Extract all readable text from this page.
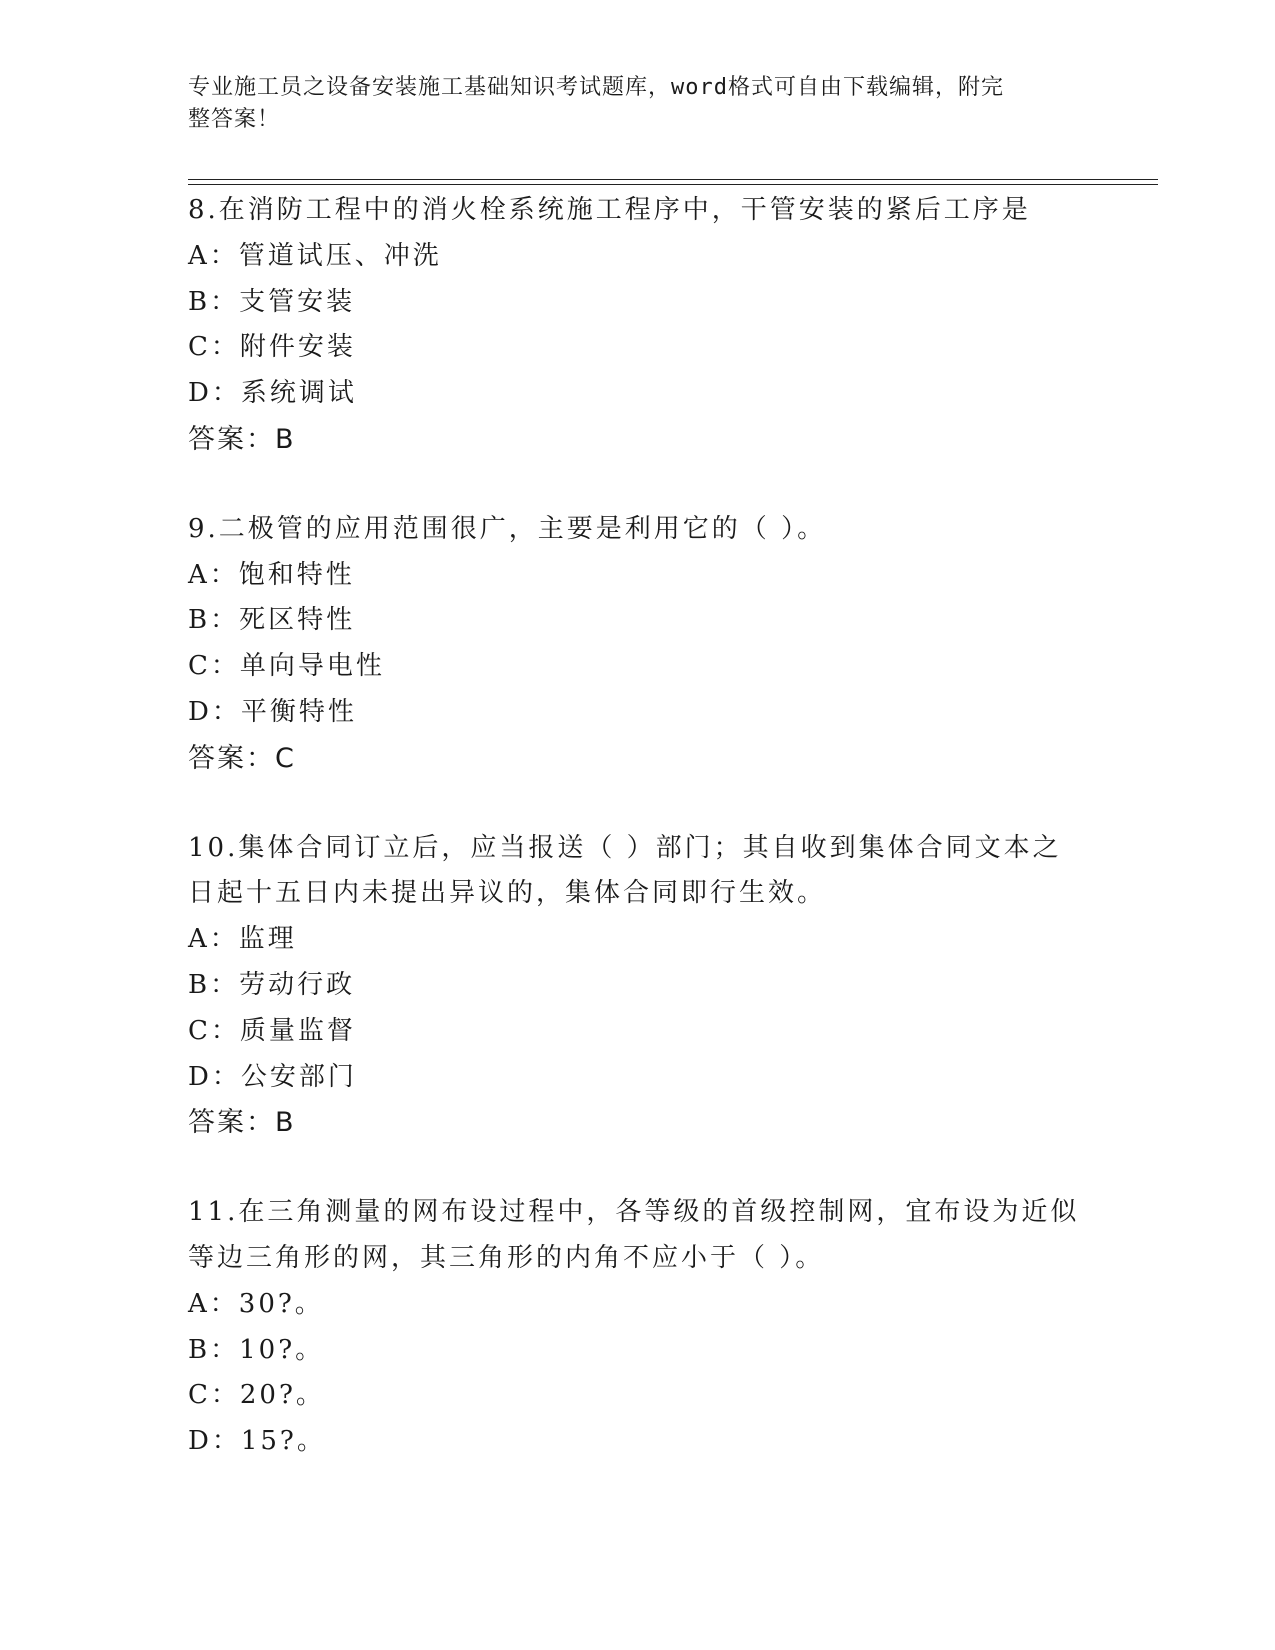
专业施工员之设备安装施工基础知识考试题库，word格式可自由下载编辑，附完
整答案！
8.在消防工程中的消火栓系统施工程序中，干管安装的紧后工序是
A：管道试压、冲洗
B：支管安装
C：附件安装
D：系统调试
答案：B
9.二极管的应用范围很广，主要是利用它的（ ）。
A：饱和特性
B：死区特性
C：单向导电性
D：平衡特性
答案：C
10.集体合同订立后，应当报送（ ）部门；其自收到集体合同文本之
日起十五日内未提出异议的，集体合同即行生效。
A：监理
B：劳动行政
C：质量监督
D：公安部门
答案：B
11.在三角测量的网布设过程中，各等级的首级控制网，宜布设为近似
等边三角形的网，其三角形的内角不应小于（ ）。
A：30?。
B：10?。
C：20?。
D：15?。
